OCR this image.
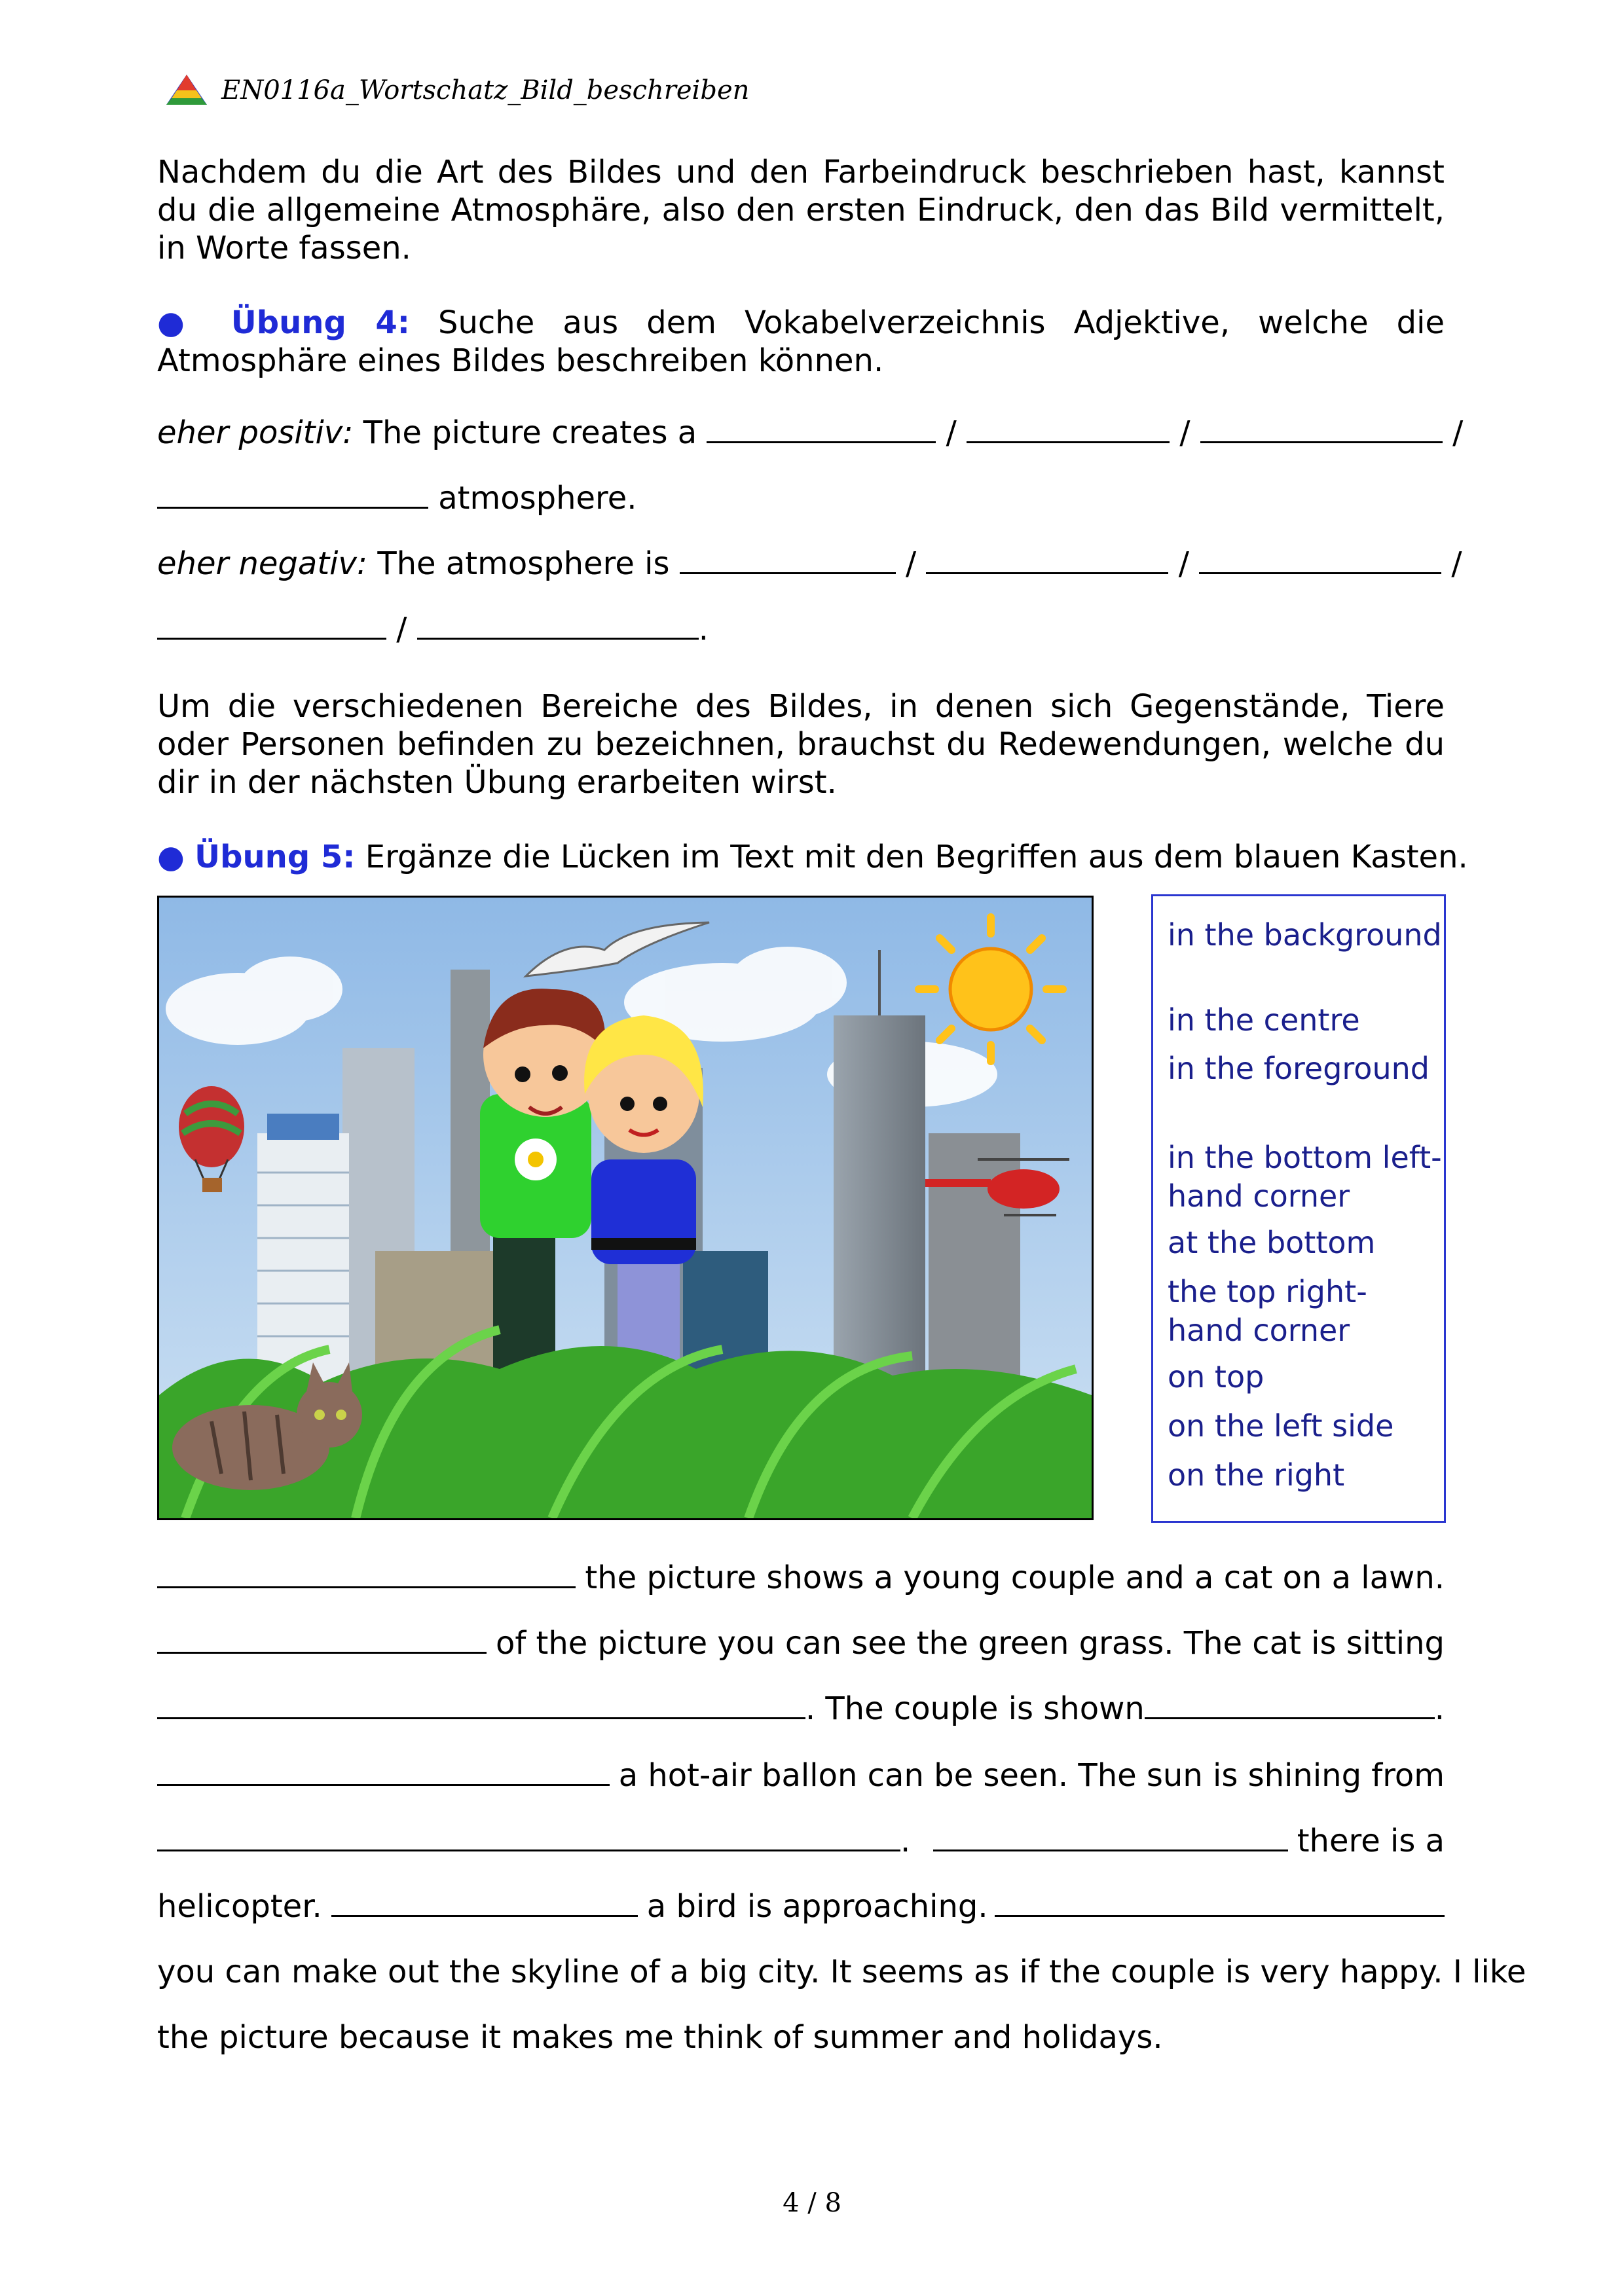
EN0116a_Wortschatz_Bild_beschreiben
Nachdem du die Art des Bildes und den Farbeindruck beschrieben hast, kannst du die allgemeine Atmosphäre, also den ersten Eindruck, den das Bild vermittelt, in Worte fassen.
● Übung 4: Suche aus dem Vokabelverzeichnis Adjektive, welche die Atmosphäre eines Bildes beschreiben können.
eher positiv: The picture creates a	/	/	/
atmosphere.
eher negativ: The atmosphere is	/	/	/
/	.
Um die verschiedenen Bereiche des Bildes, in denen sich Gegenstände, Tiere oder Personen befinden zu bezeichnen, brauchst du Redewendungen, welche du dir in der nächsten Übung erarbeiten wirst.
● Übung 5: Ergänze die Lücken im Text mit den Begriffen aus dem blauen Kasten.
in the background
in the centre
in the foreground
in the bottom left-hand corner
at the bottom
the top right-hand corner
on top
on the left side
on the right
the picture shows a young couple and a cat on a lawn.
of the picture you can see the green grass. The cat is sitting
. The couple is shown	.
a hot-air ballon can be seen. The sun is shining from
.	there is a
helicopter.	a bird is approaching.
you can make out the skyline of a big city. It seems as if the couple is very happy. I like
the picture because it makes me think of summer and holidays.
4 / 8
